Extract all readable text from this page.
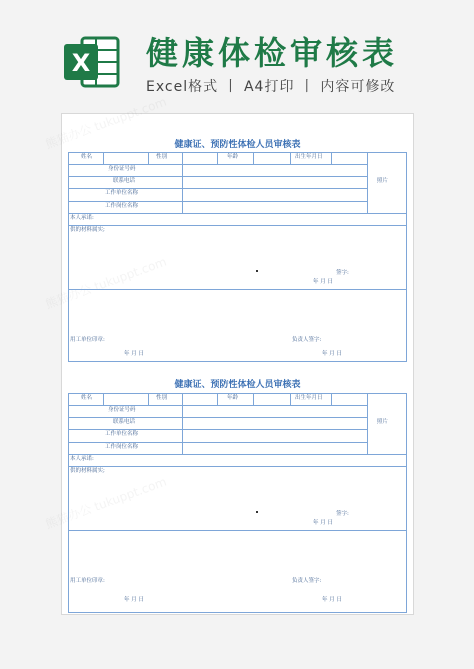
X 健康体检审核表
Excel格式 丨 A4打印 丨 内容可修改
熊猫办公 tukuppt.com
熊猫办公 tukuppt.com
熊猫办公 tukuppt.com
健康证、预防性体检人员审核表
姓名	性别	年龄	出生年月日
照片
身份证号码
联系电话
工作单位名称
工作岗位名称
本人承诺:
供的材料属实;
签字:
年 月 日
用工单位印章:	负责人签字:
年 月 日	年 月 日
健康证、预防性体检人员审核表
姓名	性别	年龄	出生年月日
照片
身份证号码
联系电话
工作单位名称
工作岗位名称
本人承诺:
供的材料属实;
签字:
年 月 日
用工单位印章:	负责人签字:
年 月 日	年 月 日
